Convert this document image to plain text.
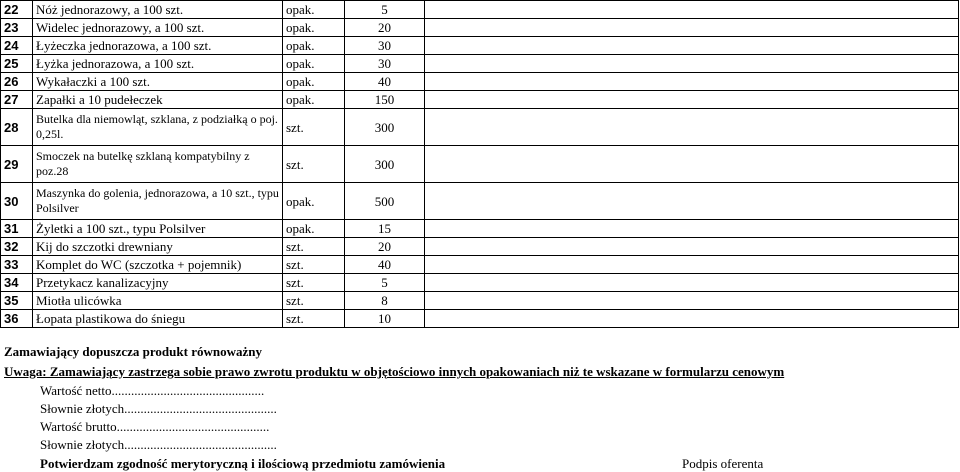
22	Nóż jednorazowy, a 100 szt.	opak.	5	
23	Widelec jednorazowy, a 100 szt.	opak.	20	
24	Łyżeczka jednorazowa, a 100 szt.	opak.	30	
25	Łyżka jednorazowa, a 100 szt.	opak.	30	
26	Wykałaczki a 100 szt.	opak.	40	
27	Zapałki a 10 pudełeczek	opak.	150	
28	Butelka dla niemowląt, szklana, z podziałką o poj. 0,25l.	szt.	300	
29	Smoczek na butelkę szklaną kompatybilny z poz.28	szt.	300	
30	Maszynka do golenia, jednorazowa, a 10 szt., typu Polsilver	opak.	500	
31	Żyletki a 100 szt., typu Polsilver	opak.	15	
32	Kij do szczotki drewniany	szt.	20	
33	Komplet do WC (szczotka + pojemnik)	szt.	40	
34	Przetykacz kanalizacyjny	szt.	5	
35	Miotła ulicówka	szt.	8	
36	Łopata plastikowa do śniegu	szt.	10	
Zamawiający dopuszcza produkt równoważny
Uwaga: Zamawiający zastrzega sobie prawo zwrotu produktu w objętościowo innych opakowaniach niż te wskazane w formularzu cenowym
Wartość netto...............................................
Słownie złotych...............................................
Wartość brutto...............................................
Słownie złotych...............................................
Potwierdzam zgodność merytoryczną i ilościową przedmiotu zamówienia	Podpis oferenta
